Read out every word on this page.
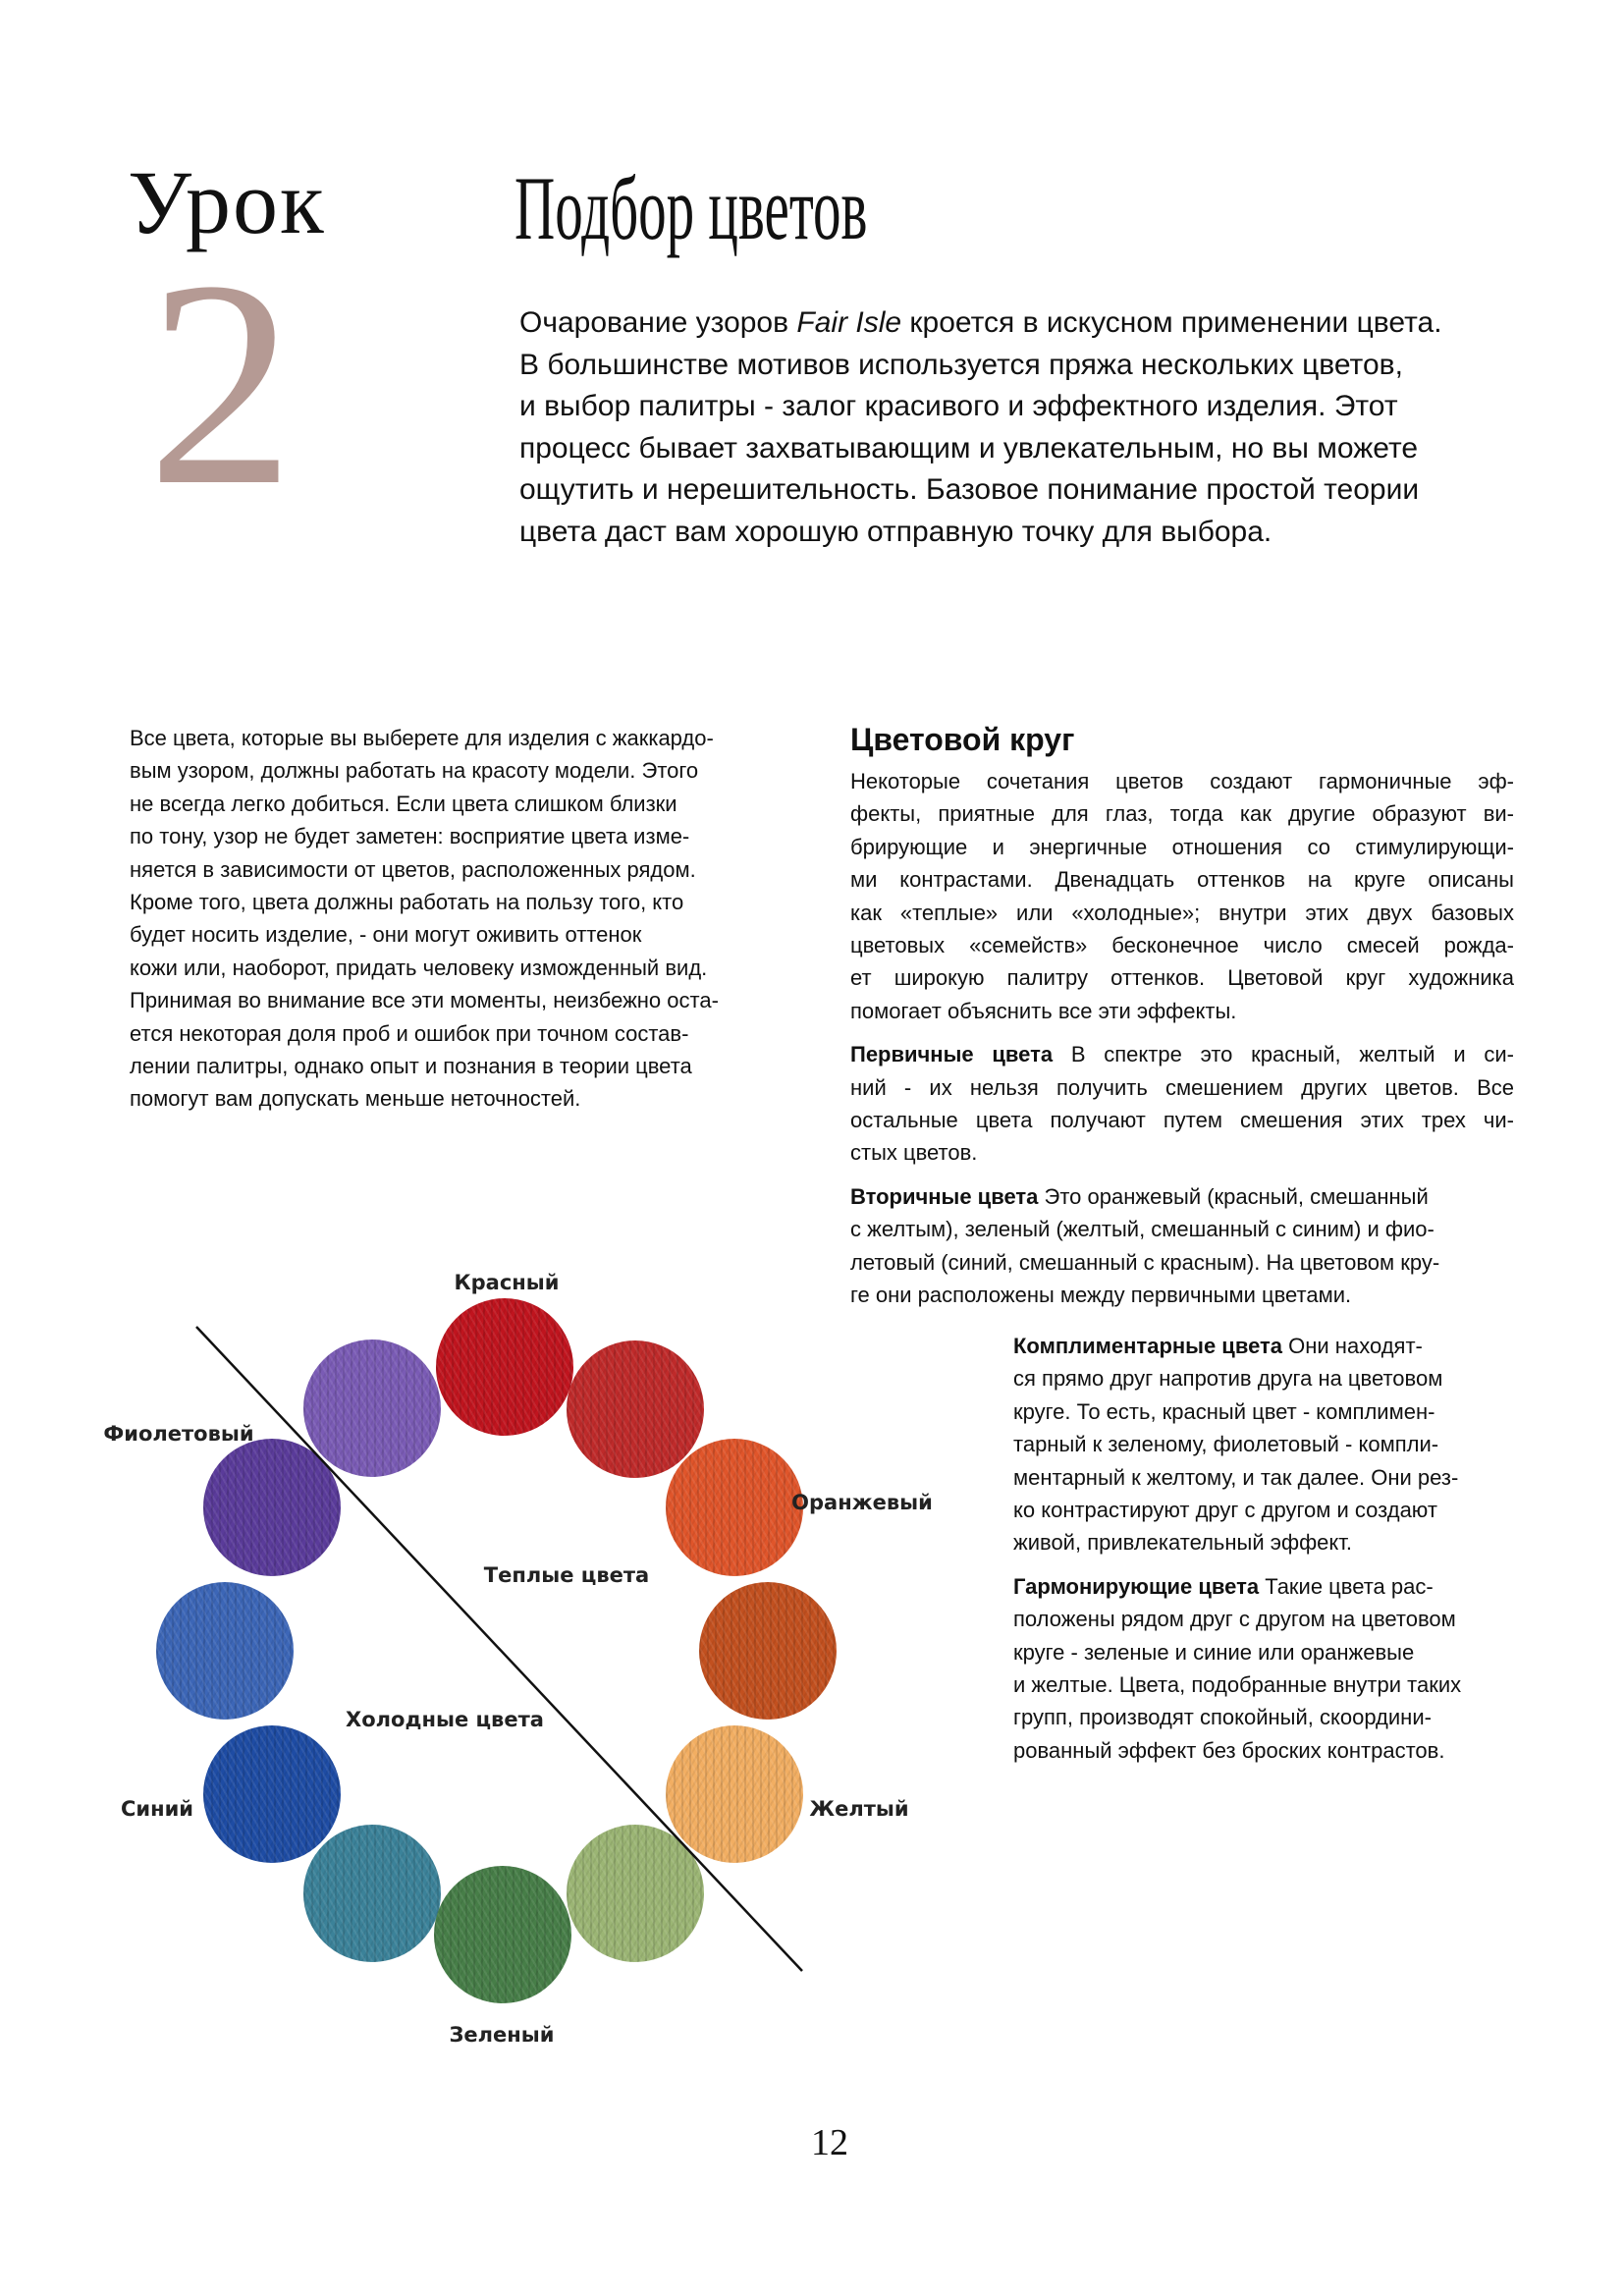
Урок
2
Подбор цветов
Очарование узоров Fair Isle кроется в искусном применении цвета.
В большинстве мотивов используется пряжа нескольких цветов,
и выбор палитры - залог красивого и эффектного изделия. Этот
процесс бывает захватывающим и увлекательным, но вы можете
ощутить и нерешительность. Базовое понимание простой теории
цвета даст вам хорошую отправную точку для выбора.
Все цвета, которые вы выберете для изделия с жаккардо-
вым узором, должны работать на красоту модели. Этого
не всегда легко добиться. Если цвета слишком близки
по тону, узор не будет заметен: восприятие цвета изме-
няется в зависимости от цветов, расположенных рядом.
Кроме того, цвета должны работать на пользу того, кто
будет носить изделие, - они могут оживить оттенок
кожи или, наоборот, придать человеку изможденный вид.
Принимая во внимание все эти моменты, неизбежно оста-
ется некоторая доля проб и ошибок при точном состав-
лении палитры, однако опыт и познания в теории цвета
помогут вам допускать меньше неточностей.
Цветовой круг
Некоторые сочетания цветов создают гармоничные эф-
фекты, приятные для глаз, тогда как другие образуют ви-
брирующие и энергичные отношения со стимулирующи-
ми контрастами. Двенадцать оттенков на круге описаны
как «теплые» или «холодные»; внутри этих двух базовых
цветовых «семейств» бесконечное число смесей рожда-
ет широкую палитру оттенков. Цветовой круг художника
помогает объяснить все эти эффекты.
Первичные цвета В спектре это красный, желтый и си-
ний - их нельзя получить смешением других цветов. Все
остальные цвета получают путем смешения этих трех чи-
стых цветов.
Вторичные цвета Это оранжевый (красный, смешанный
с желтым), зеленый (желтый, смешанный с синим) и фио-
летовый (синий, смешанный с красным). На цветовом кру-
ге они расположены между первичными цветами.
Комплиментарные цвета Они находят-
ся прямо друг напротив друга на цветовом
круге. То есть, красный цвет - комплимен-
тарный к зеленому, фиолетовый - компли-
ментарный к желтому, и так далее. Они рез-
ко контрастируют друг с другом и создают
живой, привлекательный эффект.
Гармонирующие цвета Такие цвета рас-
положены рядом друг с другом на цветовом
круге - зеленые и синие или оранжевые
и желтые. Цвета, подобранные внутри таких
групп, производят спокойный, скоордини-
рованный эффект без броских контрастов.
Красный
Фиолетовый
Оранжевый
Теплые цвета
Холодные цвета
Синий	Желтый
Зеленый
12
